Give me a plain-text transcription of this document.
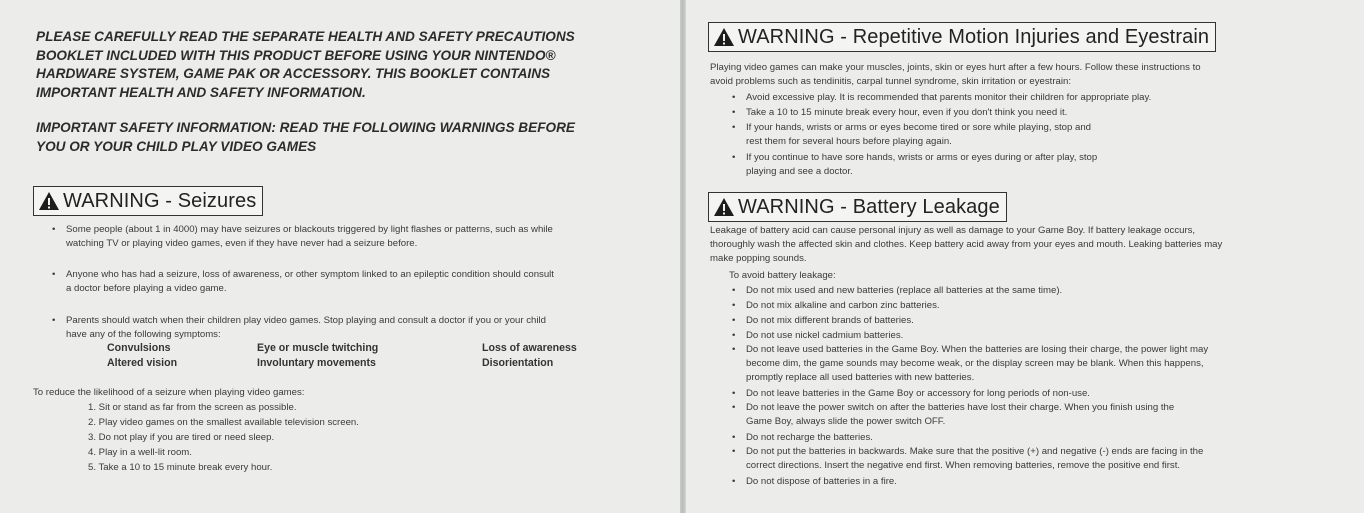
PLEASE CAREFULLY READ THE SEPARATE HEALTH AND SAFETY PRECAUTIONS
BOOKLET INCLUDED WITH THIS PRODUCT BEFORE USING YOUR NINTENDO®
HARDWARE SYSTEM, GAME PAK OR ACCESSORY. THIS BOOKLET CONTAINS
IMPORTANT HEALTH AND SAFETY INFORMATION.

IMPORTANT SAFETY INFORMATION: READ THE FOLLOWING WARNINGS BEFORE
YOU OR YOUR CHILD PLAY VIDEO GAMES

WARNING - Seizures
• Some people (about 1 in 4000) may have seizures or blackouts triggered by light flashes or patterns, such as while
watching TV or playing video games, even if they have never had a seizure before.
• Anyone who has had a seizure, loss of awareness, or other symptom linked to an epileptic condition should consult
a doctor before playing a video game.
• Parents should watch when their children play video games. Stop playing and consult a doctor if you or your child
have any of the following symptoms:
Convulsions	Eye or muscle twitching	Loss of awareness
Altered vision	Involuntary movements	Disorientation
To reduce the likelihood of a seizure when playing video games:
1. Sit or stand as far from the screen as possible.
2. Play video games on the smallest available television screen.
3. Do not play if you are tired or need sleep.
4. Play in a well-lit room.
5. Take a 10 to 15 minute break every hour.
WARNING - Repetitive Motion Injuries and Eyestrain
Playing video games can make your muscles, joints, skin or eyes hurt after a few hours. Follow these instructions to
avoid problems such as tendinitis, carpal tunnel syndrome, skin irritation or eyestrain:
• Avoid excessive play. It is recommended that parents monitor their children for appropriate play.
• Take a 10 to 15 minute break every hour, even if you don't think you need it.
• If your hands, wrists or arms or eyes become tired or sore while playing, stop and
rest them for several hours before playing again.
• If you continue to have sore hands, wrists or arms or eyes during or after play, stop
playing and see a doctor.
WARNING - Battery Leakage
Leakage of battery acid can cause personal injury as well as damage to your Game Boy. If battery leakage occurs,
thoroughly wash the affected skin and clothes. Keep battery acid away from your eyes and mouth. Leaking batteries may
make popping sounds.
To avoid battery leakage:
• Do not mix used and new batteries (replace all batteries at the same time).
• Do not mix alkaline and carbon zinc batteries.
• Do not mix different brands of batteries.
• Do not use nickel cadmium batteries.
• Do not leave used batteries in the Game Boy. When the batteries are losing their charge, the power light may
become dim, the game sounds may become weak, or the display screen may be blank. When this happens,
promptly replace all used batteries with new batteries.
• Do not leave batteries in the Game Boy or accessory for long periods of non-use.
• Do not leave the power switch on after the batteries have lost their charge. When you finish using the
Game Boy, always slide the power switch OFF.
• Do not recharge the batteries.
• Do not put the batteries in backwards. Make sure that the positive (+) and negative (-) ends are facing in the
correct directions. Insert the negative end first. When removing batteries, remove the positive end first.
• Do not dispose of batteries in a fire.
